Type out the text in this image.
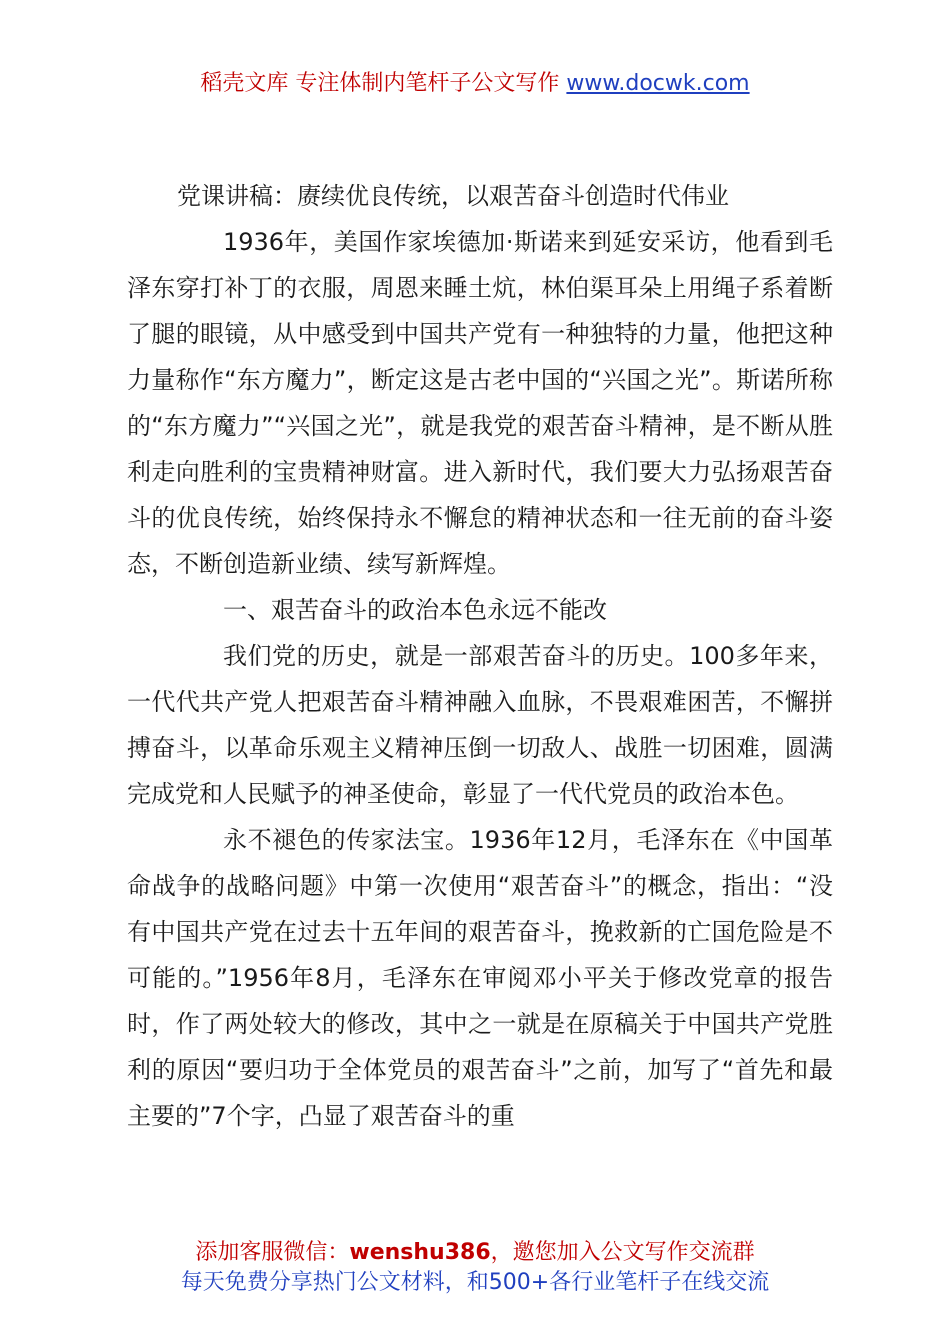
稻壳文库 专注体制内笔杆子公文写作 www.docwk.com

党课讲稿：赓续优良传统，以艰苦奋斗创造时代伟业

1936年，美国作家埃德加·斯诺来到延安采访，他看到毛泽东穿打补丁的衣服，周恩来睡土炕，林伯渠耳朵上用绳子系着断了腿的眼镜，从中感受到中国共产党有一种独特的力量，他把这种力量称作“东方魔力”，断定这是古老中国的“兴国之光”。斯诺所称的“东方魔力”“兴国之光”，就是我党的艰苦奋斗精神，是不断从胜利走向胜利的宝贵精神财富。进入新时代，我们要大力弘扬艰苦奋斗的优良传统，始终保持永不懈怠的精神状态和一往无前的奋斗姿态，不断创造新业绩、续写新辉煌。

一、艰苦奋斗的政治本色永远不能改

我们党的历史，就是一部艰苦奋斗的历史。100多年来，一代代共产党人把艰苦奋斗精神融入血脉，不畏艰难困苦，不懈拼搏奋斗，以革命乐观主义精神压倒一切敌人、战胜一切困难，圆满完成党和人民赋予的神圣使命，彰显了一代代党员的政治本色。

永不褪色的传家法宝。1936年12月，毛泽东在《中国革命战争的战略问题》中第一次使用“艰苦奋斗”的概念，指出：“没有中国共产党在过去十五年间的艰苦奋斗，挽救新的亡国危险是不可能的。”1956年8月，毛泽东在审阅邓小平关于修改党章的报告时，作了两处较大的修改，其中之一就是在原稿关于中国共产党胜利的原因“要归功于全体党员的艰苦奋斗”之前，加写了“首先和最主要的”7个字，凸显了艰苦奋斗的重

添加客服微信：wenshu386，邀您加入公文写作交流群
每天免费分享热门公文材料，和500+各行业笔杆子在线交流
